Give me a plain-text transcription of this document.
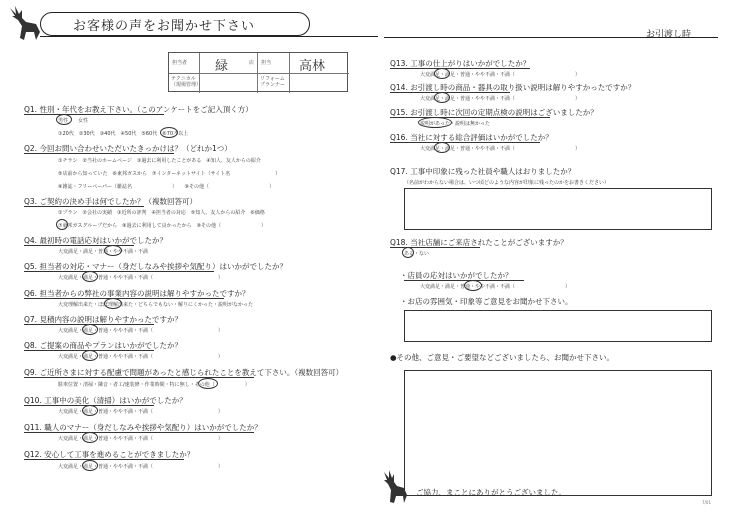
お客様の声をお聞かせ下さい
お引渡し時
担当者
テクニカル（現場管理）
店 担当
リフォームプランナー
緑	高林
Q1. 性別・年代をお教え下さい。（このアンケートをご記入頂く方）
男性　　女性
①20代　②30代　③40代　④50代　⑤60代　⑥70才以上
Q2. 今回お問い合わせいただいたきっかけは？（どれか1つ）
①チラシ　②当社のホームページ　③過去に利用したことがある　④知人、友人からの紹介
⑤店前から知っていた　⑥東邦ガスから　⑦インターネットサイト（サイト名　　　　　　　　　）
⑧雑誌・フリーペーパー（雑誌名　　　　　　　　）　　⑨その他（　　　　　　　　　　　　）
Q3. ご契約の決め手は何でしたか？（複数回答可）
①プラン　②会社の実績　③近所の評判　④担当者の対応　⑤知人、友人からの紹介　⑥価格
⑦東邦ガスグループだから　⑧過去に利用して良かったから　⑨その他（　　　　　　　　）
Q4. 最初時の電話応対はいかがでしたか？
大変満足・満足・普通・やや不満・不満
Q5. 担当者の対応・マナー（身だしなみや挨拶や気配り）はいかがでしたか？
大変満足・満足・普通・やや不満・不満（　　　　　　　　　　　　　）
Q6. 担当者からの弊社の事業内容の説明は解りやすかったですか？
大変理解出来た・ほぼ理解出来た・どちらでもない・解りにくかった・説明がなかった
Q7. 見積内容の説明は解りやすかったですか？
大変満足・満足・普通・やや不満・不満（　　　　　　　　　　　　　）
Q8. ご提案の商品やプランはいかがでしたか？
大変満足・満足・普通・やや不満・不満（　　　　　　　　　　　　　）
Q9. ご近所さまに対する配慮で問題があったと感じられたことを教えて下さい。（複数回答可）
駐車位置・清掃・隣音・者工/速装修・作業時間・特に無し・その他（　　　　　　）
Q10. 工事中の美化（清掃）はいかがでしたか？
大変満足・満足・普通・やや不満・不満（　　　　　　　　　　　　　）
Q11. 職人のマナー（身だしなみや挨拶や気配り）はいかがでしたか？
大変満足・満足・普通・やや不満・不満（　　　　　　　　　　　　　）
Q12. 安心して工事を進めることができましたか？
大変満足・満足・普通・やや不満・不満（　　　　　　　　　　　　　）
Q13. 工事の仕上がりはいかがでしたか？
大変満足・満足・普通・やや不満・不満（　　　　　　　　　　　　）
Q14. お引渡し時の商品・器具の取り扱い説明は解りやすかったですか？
大変満足・満足・普通・やや不満・不満（　　　　　　　　　　　　）
Q15. お引渡し時に次回の定期点検の説明はございましたか？
説明があった・説明は無かった
Q16. 当社に対する総合評価はいかがでしたか？
大変満足・満足・普通・やや不満・不満（　　　　　　　　　　　　）
Q17. 工事中印象に残った社員や職人はおりましたか？
（名前がわからない場合は、いつ頃どのような内容が印象に残ったのかをお書きください）
Q18. 当社店舗にご来店されたことがございますか？
ある・ない
・店員の応対はいかがでしたか？
大変満足・満足・普通・やや不満・不満（　　　　　　　　　　）
・お店の雰囲気・印象等ご意見をお聞かせ下さい。
●その他、ご意見・ご要望などございましたら、お聞かせ下さい。
ご協力、まことにありがとうございました。
7/01
